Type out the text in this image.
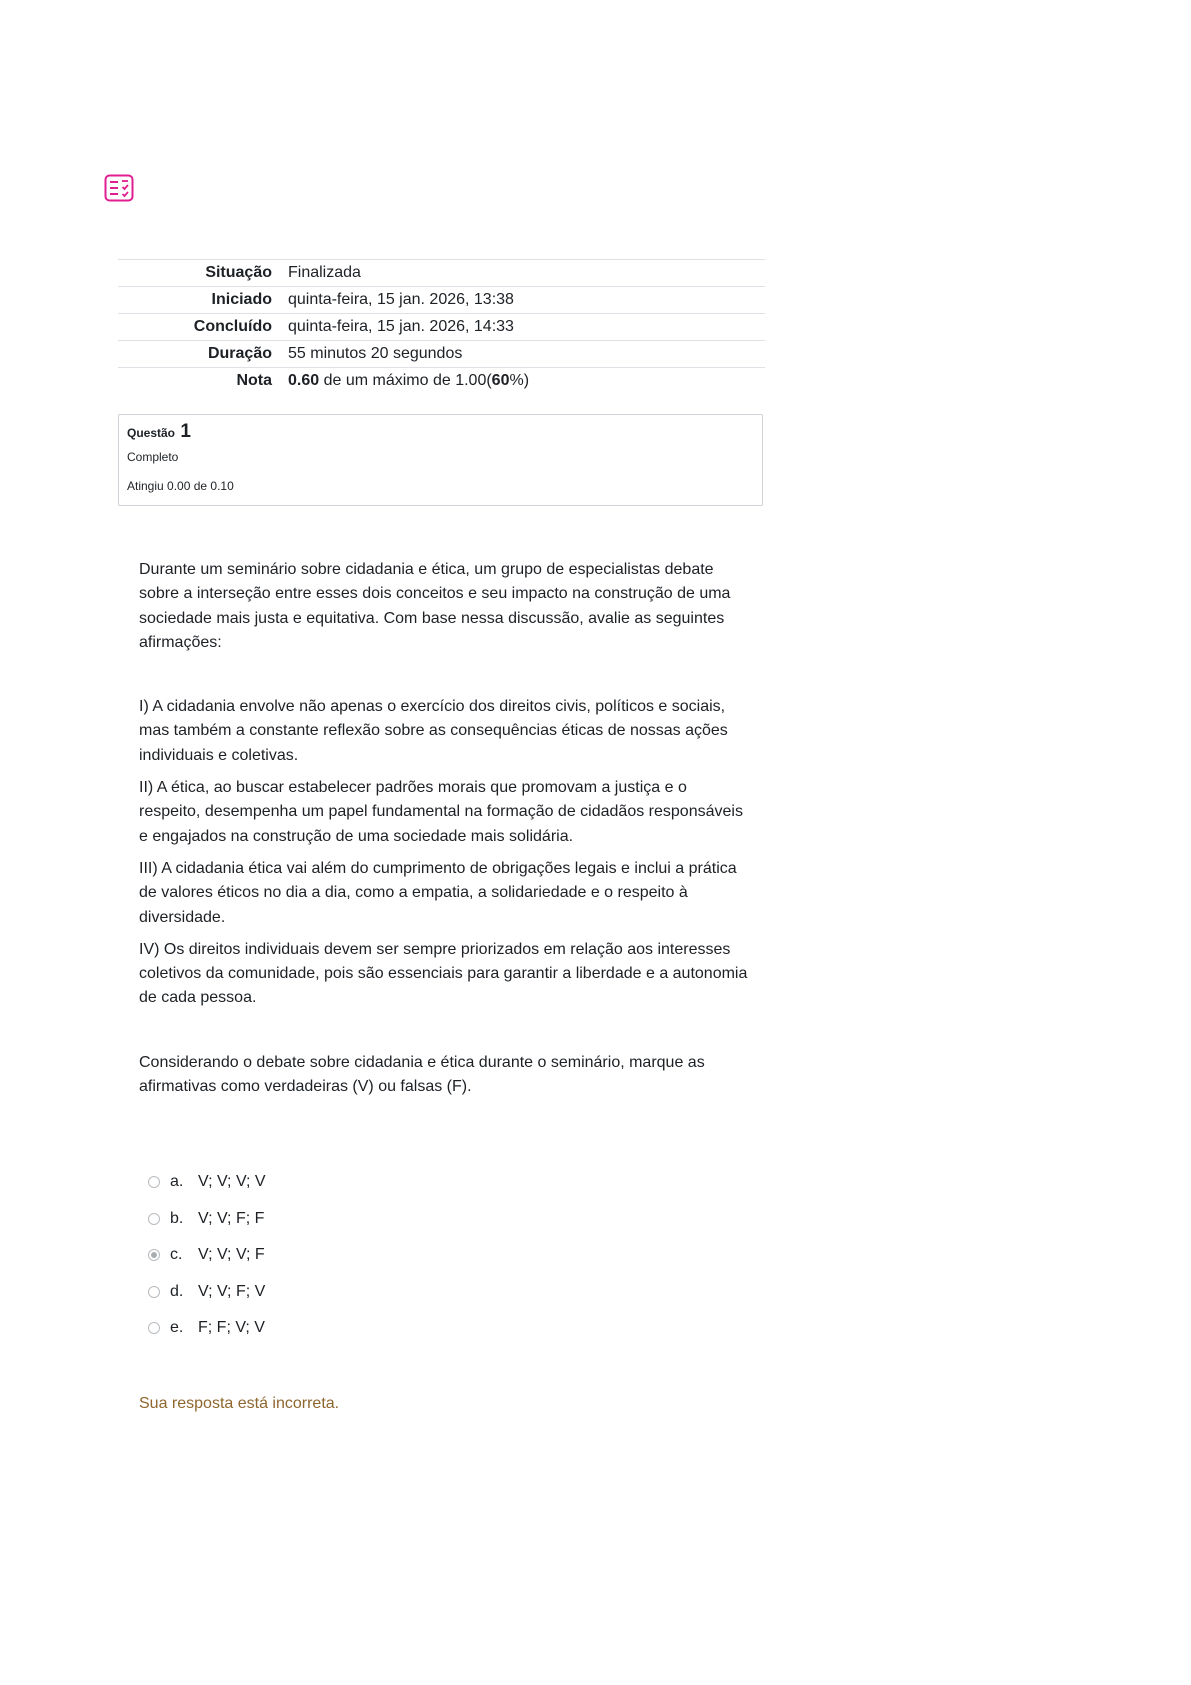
Situação	Finalizada
Iniciado	quinta-feira, 15 jan. 2026, 13:38
Concluído	quinta-feira, 15 jan. 2026, 14:33
Duração	55 minutos 20 segundos
Nota	0.60 de um máximo de 1.00(60%)
Questão 1
Completo
Atingiu 0.00 de 0.10

Durante um seminário sobre cidadania e ética, um grupo de especialistas debate sobre a interseção entre esses dois conceitos e seu impacto na construção de uma sociedade mais justa e equitativa. Com base nessa discussão, avalie as seguintes afirmações:

I) A cidadania envolve não apenas o exercício dos direitos civis, políticos e sociais, mas também a constante reflexão sobre as consequências éticas de nossas ações individuais e coletivas.

II) A ética, ao buscar estabelecer padrões morais que promovam a justiça e o respeito, desempenha um papel fundamental na formação de cidadãos responsáveis e engajados na construção de uma sociedade mais solidária.

III) A cidadania ética vai além do cumprimento de obrigações legais e inclui a prática de valores éticos no dia a dia, como a empatia, a solidariedade e o respeito à diversidade.

IV) Os direitos individuais devem ser sempre priorizados em relação aos interesses coletivos da comunidade, pois são essenciais para garantir a liberdade e a autonomia de cada pessoa.

Considerando o debate sobre cidadania e ética durante o seminário, marque as afirmativas como verdadeiras (V) ou falsas (F).

a. V; V; V; V
b. V; V; F; F
c. V; V; V; F
d. V; V; F; V
e. F; F; V; V
Sua resposta está incorreta.
